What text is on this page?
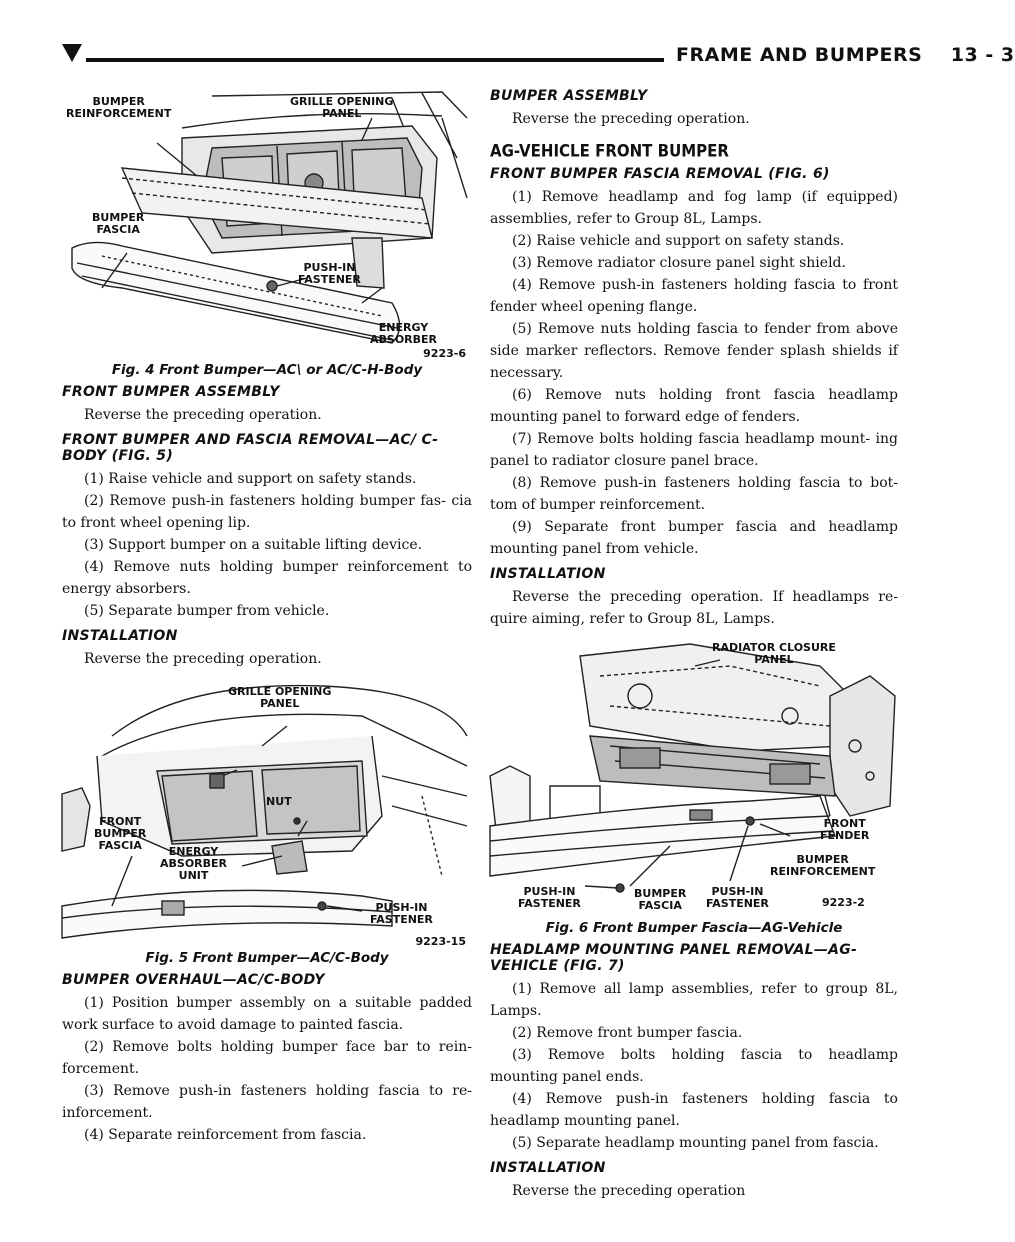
FRAME AND BUMPERS    13 - 3
BUMPER
REINFORCEMENT
GRILLE OPENING
PANEL
BUMPER
FASCIA
PUSH-IN
FASTENER
ENERGY
ABSORBER
9223-6
Fig. 4 Front Bumper—AC\ or AC/C-H-Body
FRONT BUMPER ASSEMBLY

Reverse the preceding operation.

FRONT BUMPER AND FASCIA REMOVAL—AC/ C-BODY (FIG. 5)

(1) Raise vehicle and support on safety stands.

(2) Remove push-in fasteners holding bumper fas- cia to front wheel opening lip.

(3) Support bumper on a suitable lifting device.

(4) Remove nuts holding bumper reinforcement to energy absorbers.

(5) Separate bumper from vehicle.

INSTALLATION

Reverse the preceding operation.

GRILLE OPENING
PANEL
NUT
FRONT
BUMPER
FASCIA	ENERGY
ABSORBER
UNIT
PUSH-IN
FASTENER
9223-15
Fig. 5 Front Bumper—AC/C-Body
BUMPER OVERHAUL—AC/C-BODY

(1) Position bumper assembly on a suitable padded work surface to avoid damage to painted fascia.

(2) Remove bolts holding bumper face bar to rein- forcement.

(3) Remove push-in fasteners holding fascia to re- inforcement.

(4) Separate reinforcement from fascia.

BUMPER ASSEMBLY

Reverse the preceding operation.

AG-VEHICLE FRONT BUMPER
FRONT BUMPER FASCIA REMOVAL (FIG. 6)

(1) Remove headlamp and fog lamp (if equipped) assemblies, refer to Group 8L, Lamps.

(2) Raise vehicle and support on safety stands.

(3) Remove radiator closure panel sight shield.

(4) Remove push-in fasteners holding fascia to front fender wheel opening flange.

(5) Remove nuts holding fascia to fender from above side marker reflectors. Remove fender splash shields if necessary.

(6) Remove nuts holding front fascia headlamp mounting panel to forward edge of fenders.

(7) Remove bolts holding fascia headlamp mount- ing panel to radiator closure panel brace.

(8) Remove push-in fasteners holding fascia to bot- tom of bumper reinforcement.

(9) Separate front bumper fascia and headlamp mounting panel from vehicle.

INSTALLATION

Reverse the preceding operation. If headlamps re- quire aiming, refer to Group 8L, Lamps.

RADIATOR CLOSURE
PANEL
FRONT
FENDER
BUMPER
REINFORCEMENT
PUSH-IN
FASTENER
BUMPER
FASCIA
PUSH-IN
FASTENER	9223-2
Fig. 6 Front Bumper Fascia—AG-Vehicle
HEADLAMP MOUNTING PANEL REMOVAL—AG-VEHICLE (FIG. 7)

(1) Remove all lamp assemblies, refer to group 8L, Lamps.

(2) Remove front bumper fascia.

(3) Remove bolts holding fascia to headlamp mounting panel ends.

(4) Remove push-in fasteners holding fascia to headlamp mounting panel.

(5) Separate headlamp mounting panel from fascia.

INSTALLATION

Reverse the preceding operation
